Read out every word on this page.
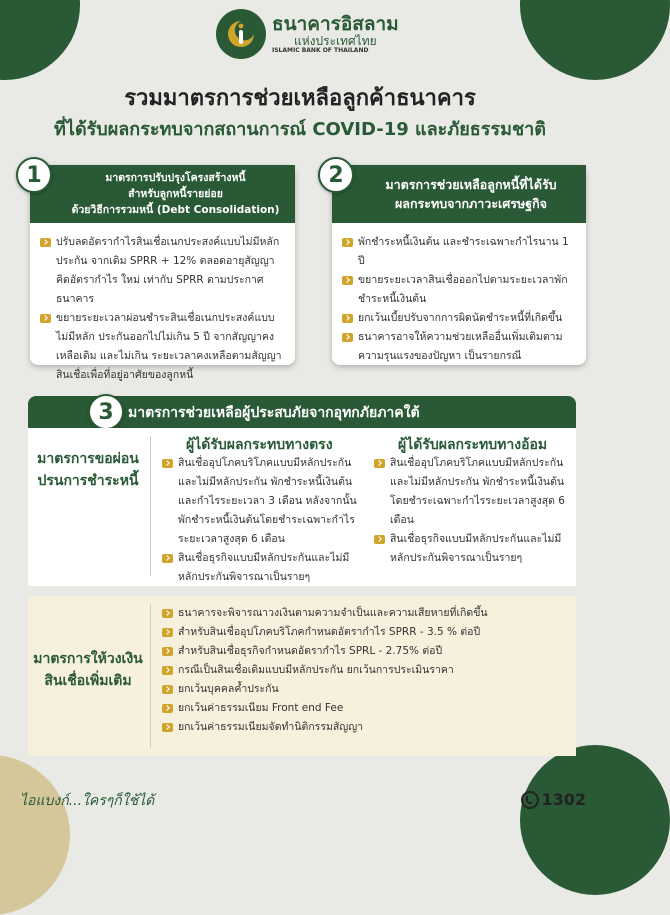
ธนาคารอิสลาม
แห่งประเทศไทย
ISLAMIC BANK OF THAILAND
รวมมาตรการช่วยเหลือลูกค้าธนาคาร
ที่ได้รับผลกระทบจากสถานการณ์ COVID-19 และภัยธรรมชาติ
มาตรการปรับปรุงโครงสร้างหนี้
สำหรับลูกหนี้รายย่อย
ด้วยวิธีการรวมหนี้ (Debt Consolidation)
ปรับลดอัตรากำไรสินเชื่อเนกประสงค์แบบไม่มีหลักประกัน จากเดิม SPRR + 12% ตลอดอายุสัญญา คิดอัตรากำไร ใหม่ เท่ากับ SPRR ตามประกาศธนาคาร
ขยายระยะเวลาผ่อนชำระสินเชื่อเนกประสงค์แบบไม่มีหลัก ประกันออกไปไม่เกิน 5 ปี จากสัญญาคงเหลือเดิม และไม่เกิน ระยะเวลาคงเหลือตามสัญญาสินเชื่อเพื่อที่อยู่อาศัยของลูกหนี้
1	มาตรการช่วยเหลือลูกหนี้ที่ได้รับ
ผลกระทบจากภาวะเศรษฐกิจ
พักชำระหนี้เงินต้น และชำระเฉพาะกำไรนาน 1 ปี
ขยายระยะเวลาสินเชื่อออกไปตามระยะเวลาพัก ชำระหนี้เงินต้น
ยกเว้นเบี้ยปรับจากการผิดนัดชำระหนี้ที่เกิดขึ้น
ธนาคารอาจให้ความช่วยเหลืออื่นเพิ่มเติมตาม ความรุนแรงของปัญหา เป็นรายกรณี
2
3	มาตรการช่วยเหลือผู้ประสบภัยจากอุทกภัยภาคใต้
มาตรการขอผ่อน
ปรนการชำระหนี้
ผู้ได้รับผลกระทบทางตรง
สินเชื่ออุปโภคบริโภคแบบมีหลักประกัน และไม่มีหลักประกัน พักชำระหนี้เงินต้น และกำไรระยะเวลา 3 เดือน หลังจากนั้น พักชำระหนี้เงินต้นโดยชำระเฉพาะกำไร ระยะเวลาสูงสุด 6 เดือน
สินเชื่อธุรกิจแบบมีหลักประกันและไม่มี หลักประกันพิจารณาเป็นรายๆ
ผู้ได้รับผลกระทบทางอ้อม
สินเชื่ออุปโภคบริโภคแบบมีหลักประกัน และไม่มีหลักประกัน พักชำระหนี้เงินต้น โดยชำระเฉพาะกำไรระยะเวลาสูงสุด 6 เดือน
สินเชื่อธุรกิจแบบมีหลักประกันและไม่มี หลักประกันพิจารณาเป็นรายๆ
มาตรการให้วงเงิน
สินเชื่อเพิ่มเติม
ธนาคารจะพิจารณาวงเงินตามความจำเป็นและความเสียหายที่เกิดขึ้น
สำหรับสินเชื่ออุปโภคบริโภคกำหนดอัตรากำไร SPRR - 3.5 % ต่อปี
สำหรับสินเชื่อธุรกิจกำหนดอัตรากำไร SPRL - 2.75% ต่อปี
กรณีเป็นสินเชื่อเดิมแบบมีหลักประกัน ยกเว้นการประเมินราคา
ยกเว้นบุคคลค้ำประกัน
ยกเว้นค่าธรรมเนียม Front end Fee
ยกเว้นค่าธรรมเนียมจัดทำนิติกรรมสัญญา
ไอแบงก์...ใครๆก็ใช้ได้	1302
